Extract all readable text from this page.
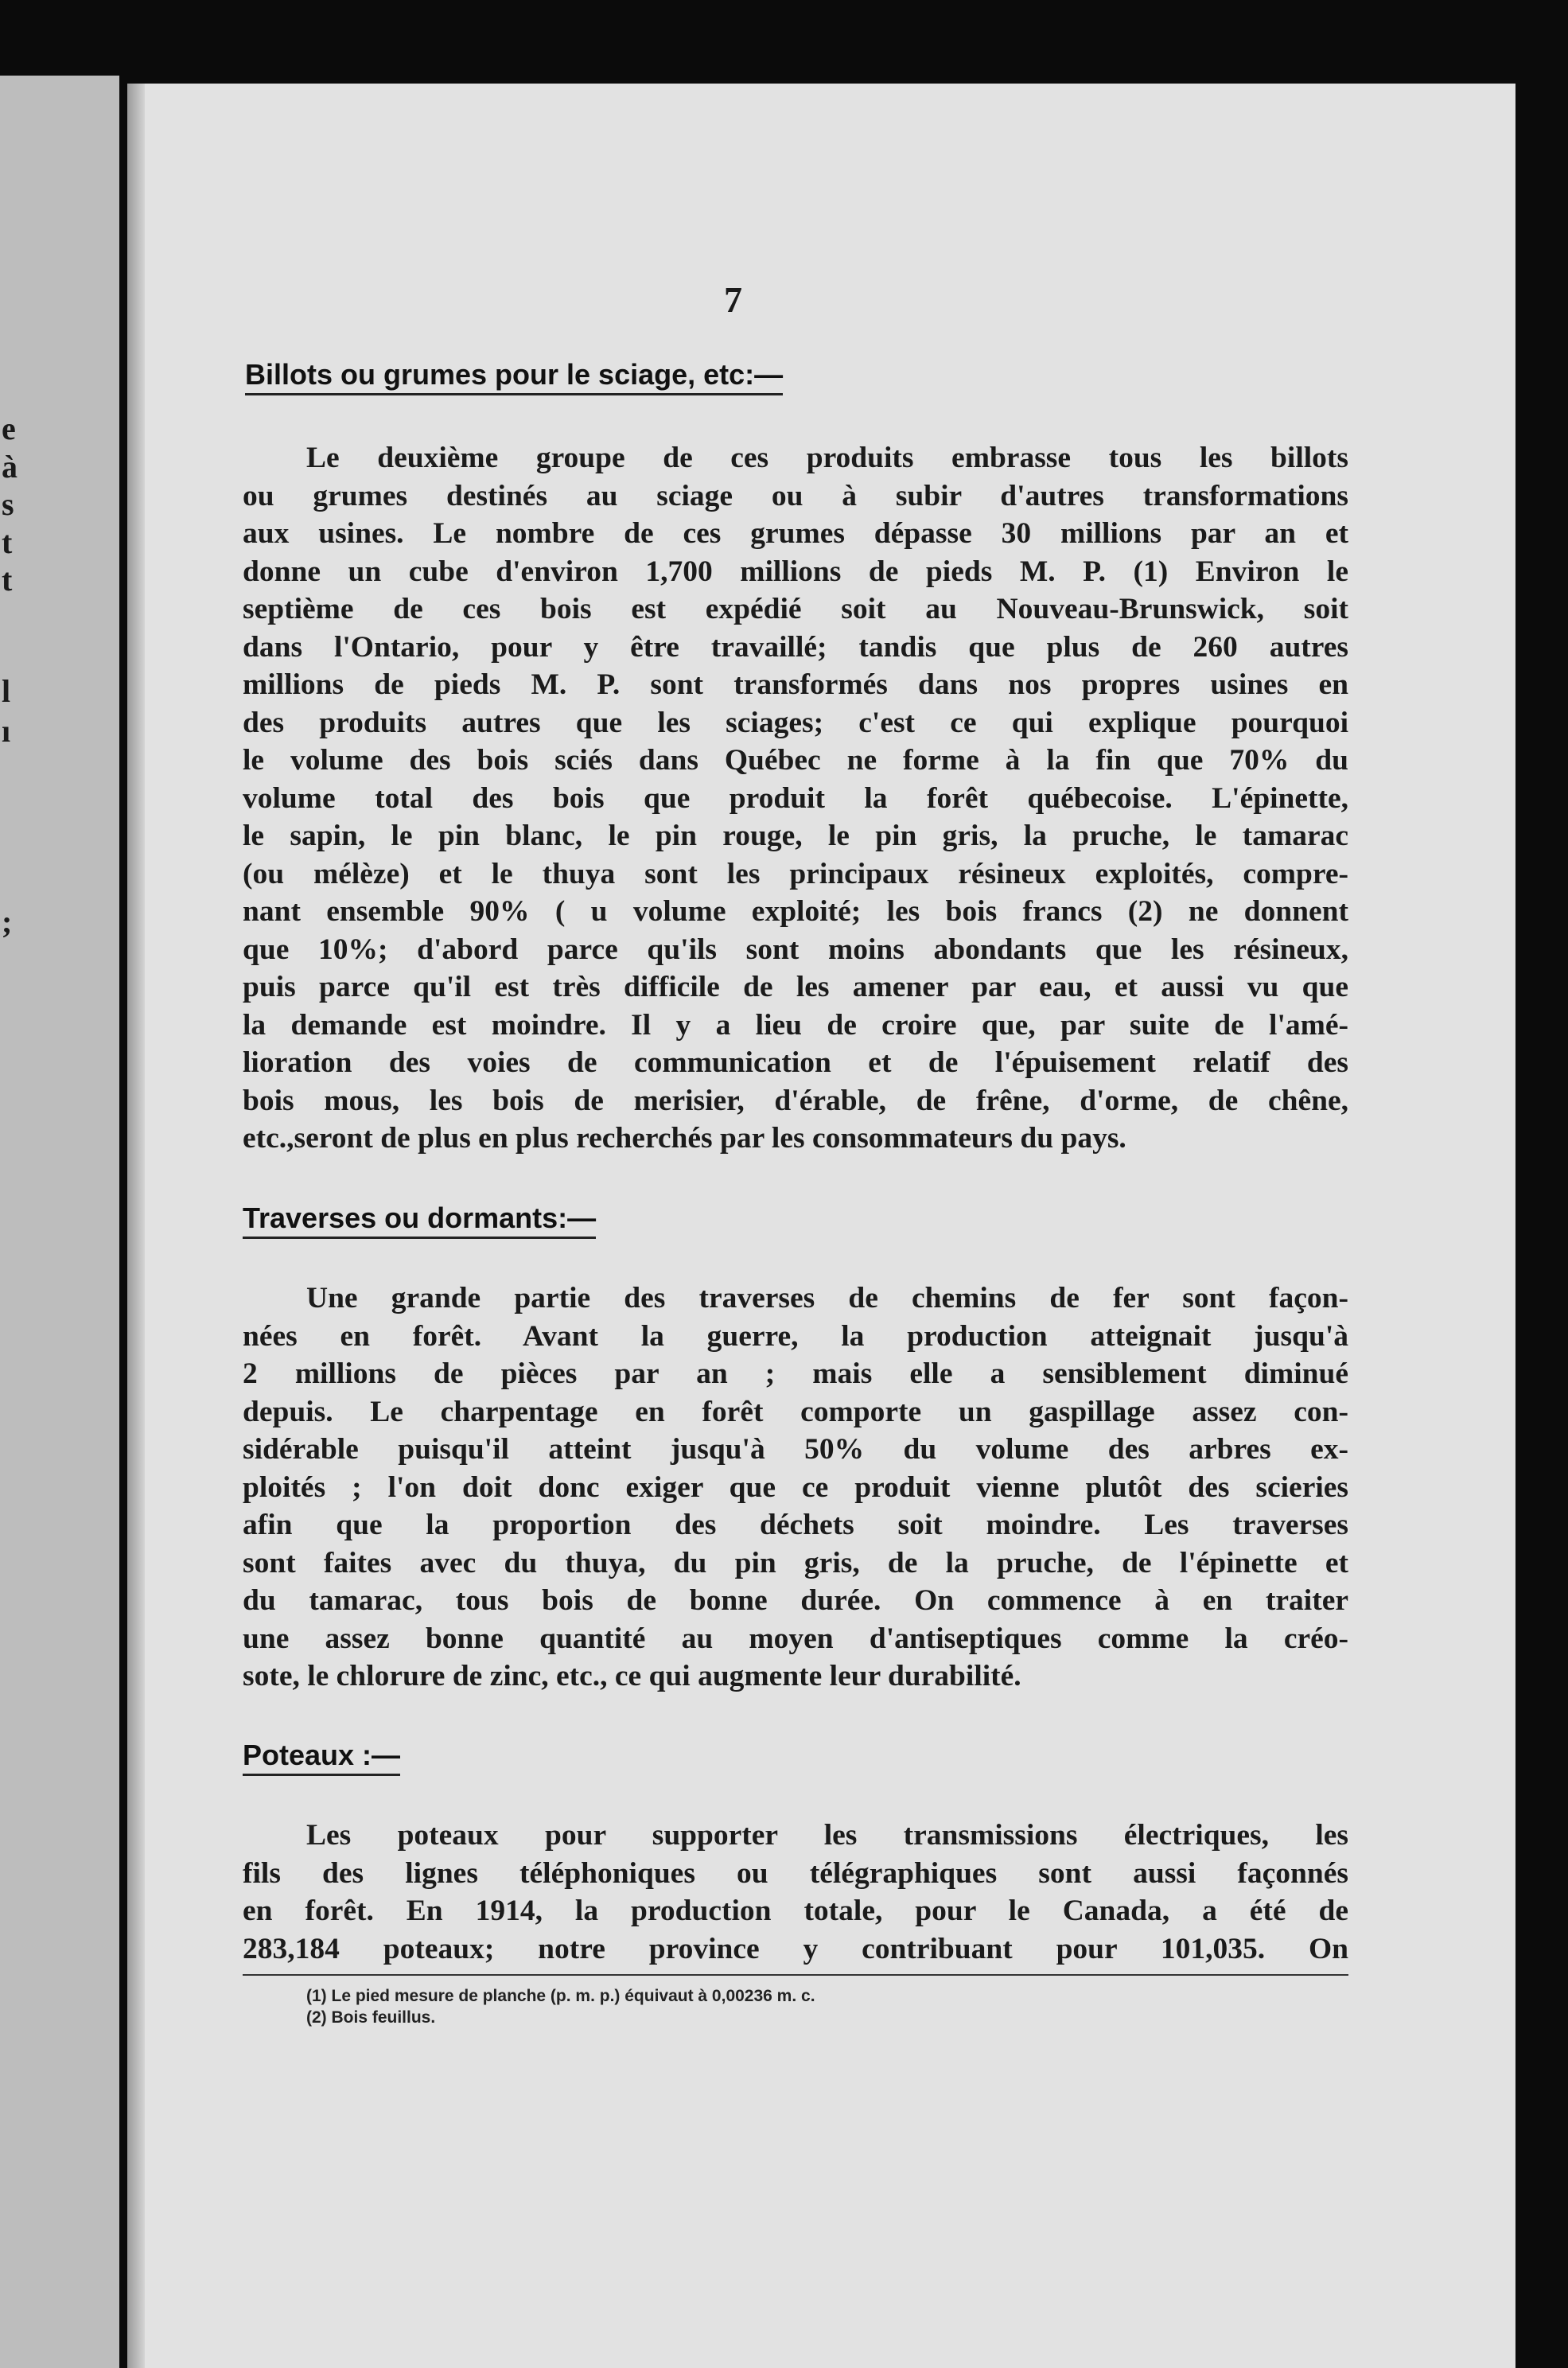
e
à
s
t
t
l
ı
;
7
Billots ou grumes pour le sciage, etc:—
Le deuxième groupe de ces produits embrasse tous les billots
ou grumes destinés au sciage ou à subir d'autres transformations
aux usines. Le nombre de ces grumes dépasse 30 millions par an et
donne un cube d'environ 1,700 millions de pieds M. P. (1) Environ le
septième de ces bois est expédié soit au Nouveau-Brunswick, soit
dans l'Ontario, pour y être travaillé; tandis que plus de 260 autres
millions de pieds M. P. sont transformés dans nos propres usines en
des produits autres que les sciages; c'est ce qui explique pourquoi
le volume des bois sciés dans Québec ne forme à la fin que 70% du
volume total des bois que produit la forêt québecoise. L'épinette,
le sapin, le pin blanc, le pin rouge, le pin gris, la pruche, le tamarac
(ou mélèze) et le thuya sont les principaux résineux exploités, compre-
nant ensemble 90% ( u volume exploité; les bois francs (2) ne donnent
que 10%; d'abord parce qu'ils sont moins abondants que les résineux,
puis parce qu'il est très difficile de les amener par eau, et aussi vu que
la demande est moindre. Il y a lieu de croire que, par suite de l'amé-
lioration des voies de communication et de l'épuisement relatif des
bois mous, les bois de merisier, d'érable, de frêne, d'orme, de chêne,
etc.,seront de plus en plus recherchés par les consommateurs du pays.
Traverses ou dormants:—
Une grande partie des traverses de chemins de fer sont façon-
nées en forêt. Avant la guerre, la production atteignait jusqu'à
2 millions de pièces par an ; mais elle a sensiblement diminué
depuis. Le charpentage en forêt comporte un gaspillage assez con-
sidérable puisqu'il atteint jusqu'à 50% du volume des arbres ex-
ploités ; l'on doit donc exiger que ce produit vienne plutôt des scieries
afin que la proportion des déchets soit moindre. Les traverses
sont faites avec du thuya, du pin gris, de la pruche, de l'épinette et
du tamarac, tous bois de bonne durée. On commence à en traiter
une assez bonne quantité au moyen d'antiseptiques comme la créo-
sote, le chlorure de zinc, etc., ce qui augmente leur durabilité.
Poteaux :—
Les poteaux pour supporter les transmissions électriques, les
fils des lignes téléphoniques ou télégraphiques sont aussi façonnés
en forêt. En 1914, la production totale, pour le Canada, a été de
283,184 poteaux; notre province y contribuant pour 101,035. On
(1) Le pied mesure de planche (p. m. p.) équivaut à 0,00236 m. c.
(2) Bois feuillus.
